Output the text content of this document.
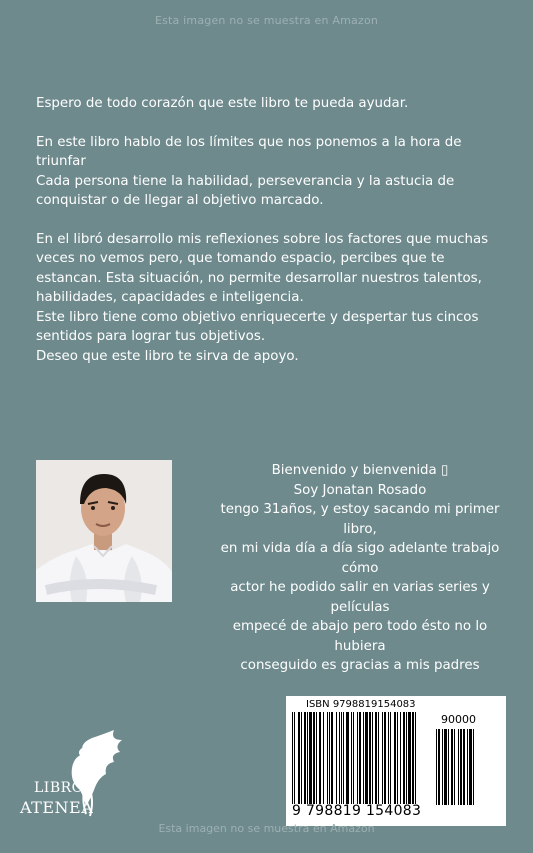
Esta imagen no se muestra en Amazon

Espero de todo corazón que este libro te pueda ayudar.

En este libro hablo de los límites que nos ponemos a la hora de

triunfar

Cada persona tiene la habilidad, perseverancia y la astucia de

conquistar o de llegar al objetivo marcado.

En el libró desarrollo mis reflexiones sobre los factores que muchas

veces no vemos pero, que tomando espacio, percibes que te

estancan. Esta situación, no permite desarrollar nuestros talentos,

habilidades, capacidades e inteligencia.

Este libro tiene como objetivo enriquecerte y despertar tus cincos

sentidos para lograr tus objetivos.

Deseo que este libro te sirva de apoyo.

Bienvenido y bienvenida ▯

Soy Jonatan Rosado

tengo 31años, y estoy sacando mi primer

libro,

en mi vida día a día sigo adelante trabajo

cómo

actor he podido salir en varias series y

películas

empecé de abajo pero todo ésto no lo

hubiera

conseguido es gracias a mis padres

LIBROS
ATENEA
ISBN 9798819154083
90000
9 798819 154083
Esta imagen no se muestra en Amazon
